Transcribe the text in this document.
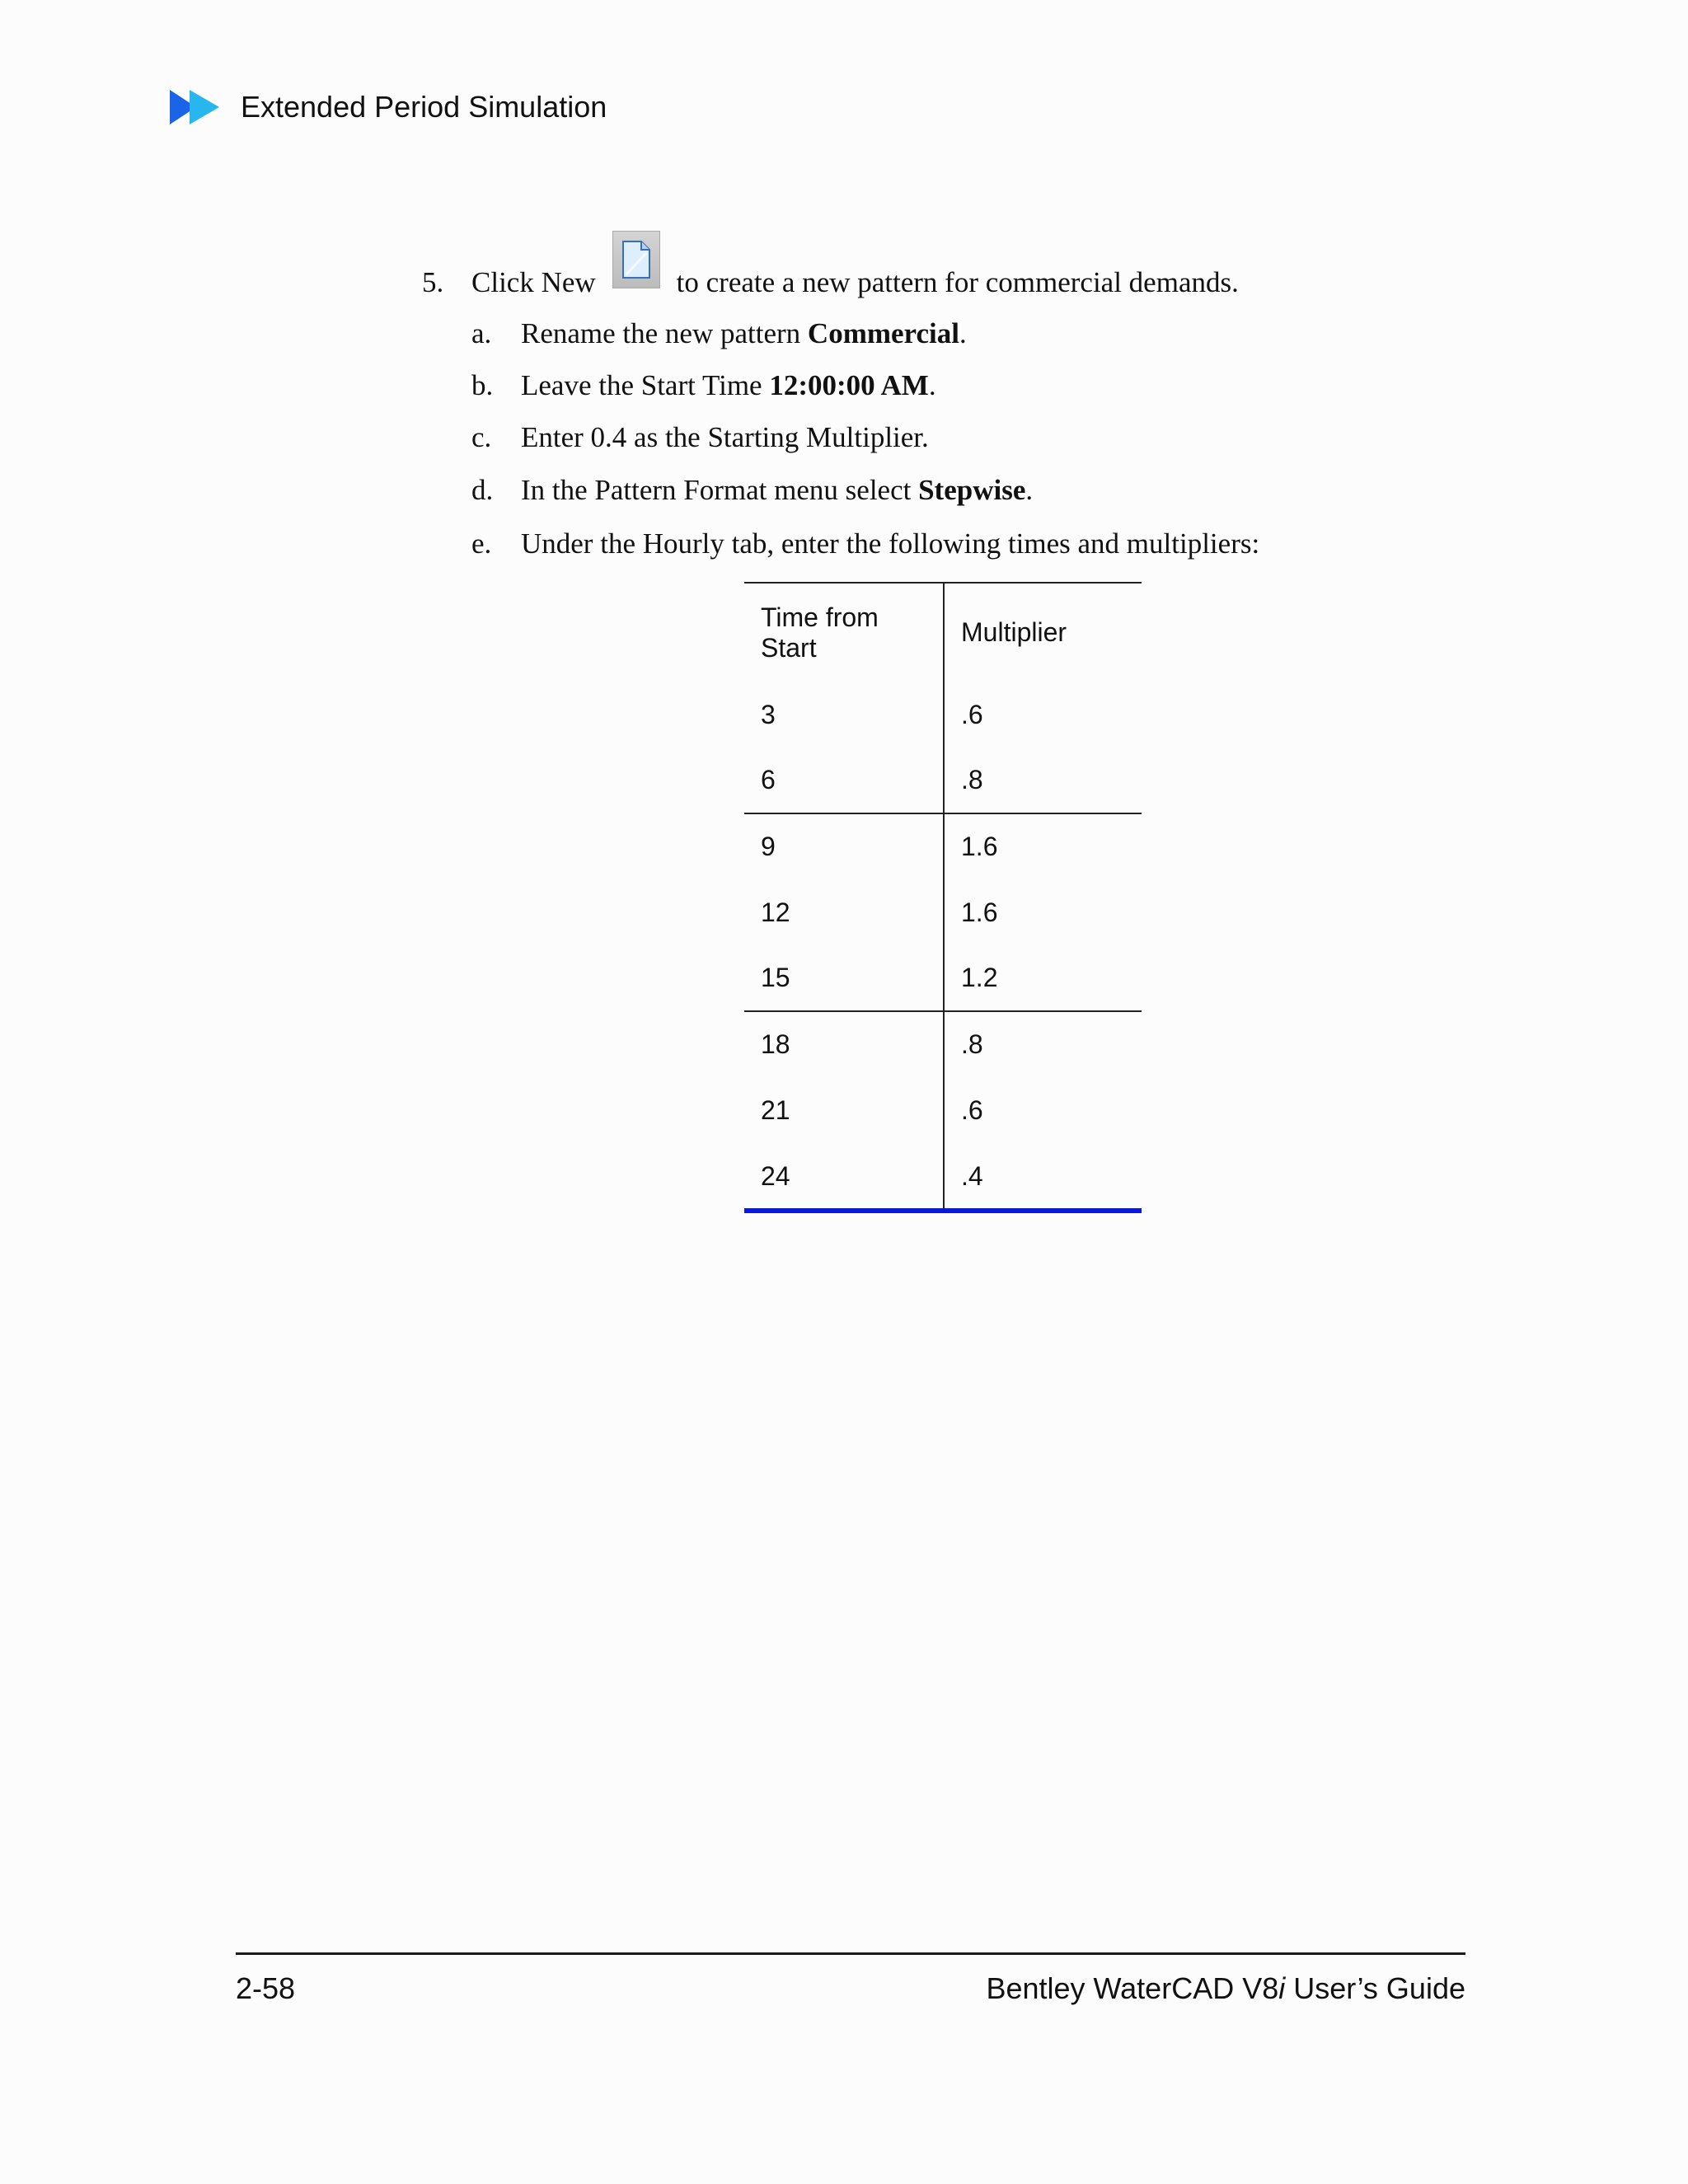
Extended Period Simulation
5. Click New	to create a new pattern for commercial demands.
a.	Rename the new pattern Commercial.
b. Leave the Start Time 12:00:00 AM.
c.	Enter 0.4 as the Starting Multiplier.
d. In the Pattern Format menu select Stepwise.
e.	Under the Hourly tab, enter the following times and multipliers:
Time from Start	Multiplier
3	.6
6	.8
9	1.6
12	1.6
15	1.2
18	.8
21	.6
24	.4
2-58	Bentley WaterCAD V8i User’s Guide
